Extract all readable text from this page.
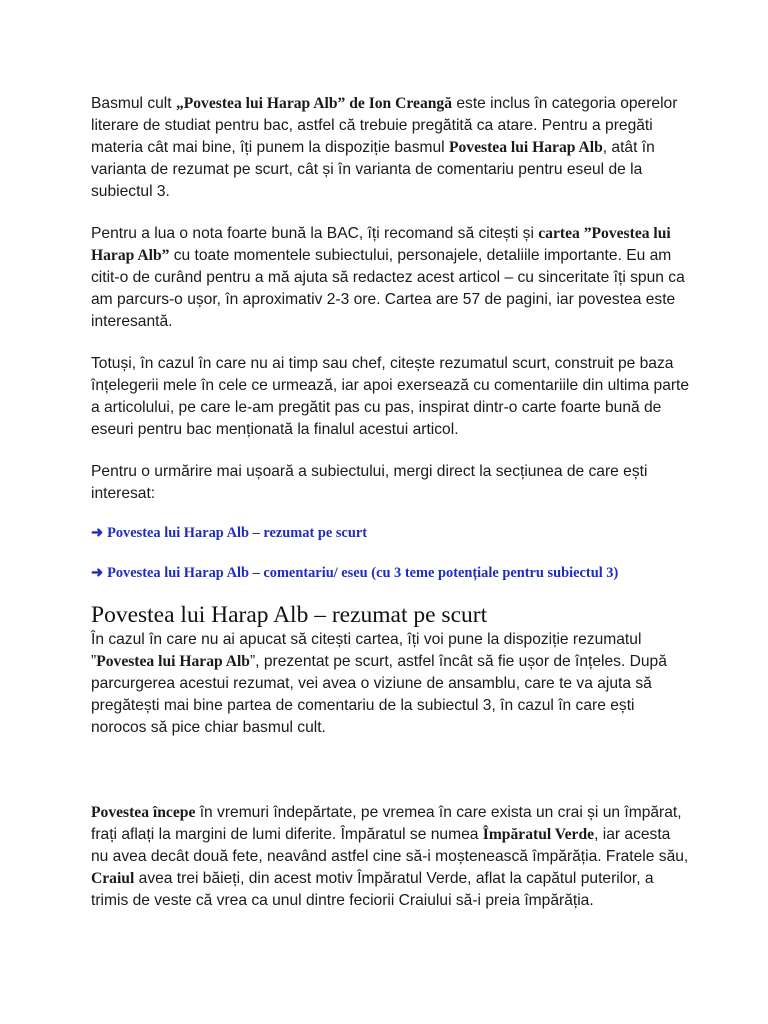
Basmul cult „Povestea lui Harap Alb” de Ion Creangă este inclus în categoria operelor literare de studiat pentru bac, astfel că trebuie pregătită ca atare. Pentru a pregăti materia cât mai bine, îți punem la dispoziție basmul Povestea lui Harap Alb, atât în varianta de rezumat pe scurt, cât și în varianta de comentariu pentru eseul de la subiectul 3.

Pentru a lua o nota foarte bună la BAC, îți recomand să citești și cartea ”Povestea lui Harap Alb” cu toate momentele subiectului, personajele, detaliile importante. Eu am citit-o de curând pentru a mă ajuta să redactez acest articol – cu sinceritate îți spun ca am parcurs-o ușor, în aproximativ 2-3 ore. Cartea are 57 de pagini, iar povestea este interesantă.

Totuși, în cazul în care nu ai timp sau chef, citește rezumatul scurt, construit pe baza înțelegerii mele în cele ce urmează, iar apoi exersează cu comentariile din ultima parte a articolului, pe care le-am pregătit pas cu pas, inspirat dintr-o carte foarte bună de eseuri pentru bac menționată la finalul acestui articol.

Pentru o urmărire mai ușoară a subiectului, mergi direct la secțiunea de care ești interesat:

➜ Povestea lui Harap Alb – rezumat pe scurt
➜ Povestea lui Harap Alb – comentariu/ eseu (cu 3 teme potențiale pentru subiectul 3)
Povestea lui Harap Alb – rezumat pe scurt

În cazul în care nu ai apucat să citești cartea, îți voi pune la dispoziție rezumatul ”Povestea lui Harap Alb”, prezentat pe scurt, astfel încât să fie ușor de înțeles. După parcurgerea acestui rezumat, vei avea o viziune de ansamblu, care te va ajuta să pregătești mai bine partea de comentariu de la subiectul 3, în cazul în care ești norocos să pice chiar basmul cult.

Povestea începe în vremuri îndepărtate, pe vremea în care exista un crai și un împărat, frați aflați la margini de lumi diferite. Împăratul se numea Împăratul Verde, iar acesta nu avea decât două fete, neavând astfel cine să-i moștenească împărăția. Fratele său, Craiul avea trei băieți, din acest motiv Împăratul Verde, aflat la capătul puterilor, a trimis de veste că vrea ca unul dintre feciorii Craiului să-i preia împărăția.
